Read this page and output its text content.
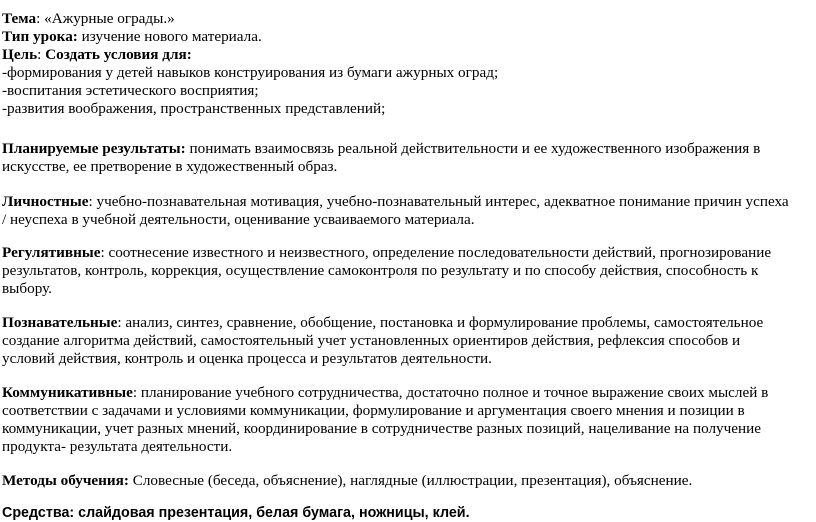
Тема: «Ажурные ограды.»

Тип урока: изучение нового материала.

Цель: Создать условия для:

-формирования у детей навыков конструирования из бумаги ажурных оград;

-воспитания эстетического восприятия;

-развития воображения, пространственных представлений;

Планируемые результаты: понимать взаимосвязь реальной действительности и ее художественного изображения в

искусстве, ее претворение в художественный образ.

Личностные: учебно-познавательная мотивация, учебно-познавательный интерес, адекватное понимание причин успеха

/ неуспеха в учебной деятельности, оценивание усваиваемого материала.

Регулятивные: соотнесение известного и неизвестного, определение последовательности действий, прогнозирование

результатов, контроль, коррекция, осуществление самоконтроля по результату и по способу действия, способность к

выбору.

Познавательные: анализ, синтез, сравнение, обобщение, постановка и формулирование проблемы, самостоятельное

создание алгоритма действий, самостоятельный учет установленных ориентиров действия, рефлексия способов и

условий действия, контроль и оценка процесса и результатов деятельности.

Коммуникативные: планирование учебного сотрудничества, достаточно полное и точное выражение своих мыслей в

соответствии с задачами и условиями коммуникации, формулирование и аргументация своего мнения и позиции в

коммуникации, учет разных мнений, координирование в сотрудничестве разных позиций, нацеливание на получение

продукта- результата деятельности.

Методы обучения: Словесные (беседа, объяснение), наглядные (иллюстрации, презентация), объяснение.

Средства: слайдовая презентация, белая бумага, ножницы, клей.
